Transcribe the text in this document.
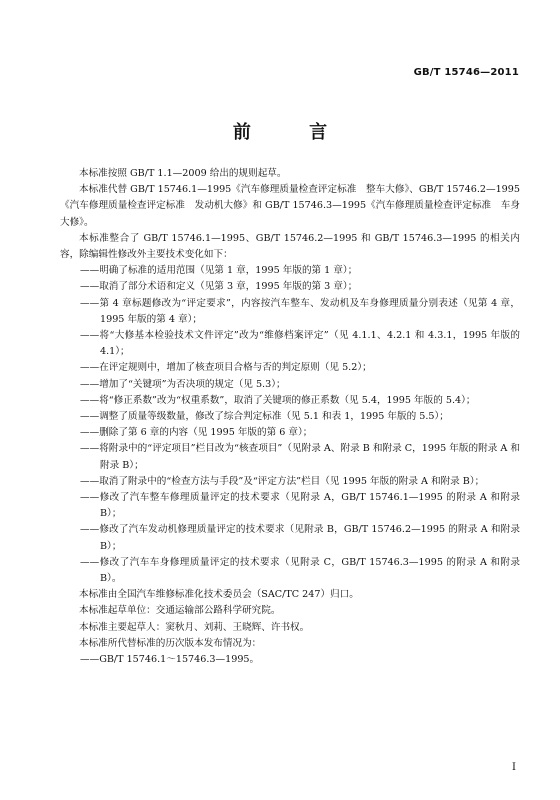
GB/T 15746—2011
前 言

本标准按照 GB/T 1.1—2009 给出的规则起草。

本标准代替 GB/T 15746.1—1995《汽车修理质量检查评定标准　整车大修》、GB/T 15746.2—1995《汽车修理质量检查评定标准　发动机大修》和 GB/T 15746.3—1995《汽车修理质量检查评定标准　车身大修》。

本标准整合了 GB/T 15746.1—1995、GB/T 15746.2—1995 和 GB/T 15746.3—1995 的相关内容，除编辑性修改外主要技术变化如下：

——明确了标准的适用范围（见第 1 章，1995 年版的第 1 章）；

——取消了部分术语和定义（见第 3 章，1995 年版的第 3 章）；

——第 4 章标题修改为“评定要求”，内容按汽车整车、发动机及车身修理质量分别表述（见第 4 章，1995 年版的第 4 章）；

——将“大修基本检验技术文件评定”改为“维修档案评定”（见 4.1.1、4.2.1 和 4.3.1，1995 年版的 4.1）；

——在评定规则中，增加了核查项目合格与否的判定原则（见 5.2）；

——增加了“关键项”为否决项的规定（见 5.3）；

——将“修正系数”改为“权重系数”，取消了关键项的修正系数（见 5.4，1995 年版的 5.4）；

——调整了质量等级数量，修改了综合判定标准（见 5.1 和表 1，1995 年版的 5.5）；

——删除了第 6 章的内容（见 1995 年版的第 6 章）；

——将附录中的“评定项目”栏目改为“核查项目”（见附录 A、附录 B 和附录 C，1995 年版的附录 A 和附录 B）；

——取消了附录中的“检查方法与手段”及“评定方法”栏目（见 1995 年版的附录 A 和附录 B）；

——修改了汽车整车修理质量评定的技术要求（见附录 A，GB/T 15746.1—1995 的附录 A 和附录 B）；

——修改了汽车发动机修理质量评定的技术要求（见附录 B，GB/T 15746.2—1995 的附录 A 和附录 B）；

——修改了汽车车身修理质量评定的技术要求（见附录 C，GB/T 15746.3—1995 的附录 A 和附录 B）。

本标准由全国汽车维修标准化技术委员会（SAC/TC 247）归口。

本标准起草单位：交通运输部公路科学研究院。

本标准主要起草人：窦秋月、刘莉、王晓辉、许书权。

本标准所代替标准的历次版本发布情况为：

——GB/T 15746.1～15746.3—1995。

I
